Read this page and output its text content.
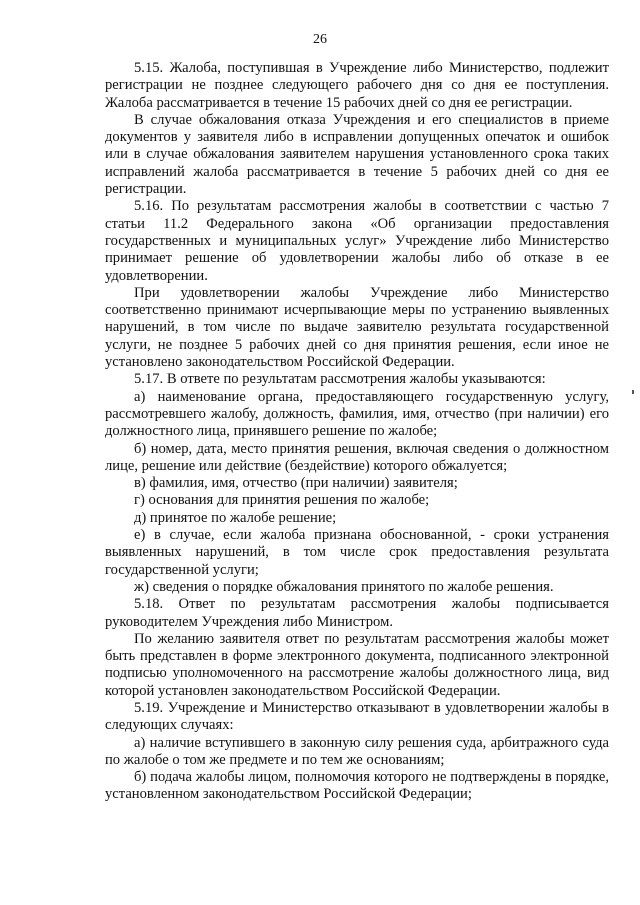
26

5.15. Жалоба, поступившая в Учреждение либо Министерство, подлежит регистрации не позднее следующего рабочего дня со дня ее поступления. Жалоба рассматривается в течение 15 рабочих дней со дня ее регистрации.

В случае обжалования отказа Учреждения и его специалистов в приеме документов у заявителя либо в исправлении допущенных опечаток и ошибок или в случае обжалования заявителем нарушения установленного срока таких исправлений жалоба рассматривается в течение 5 рабочих дней со дня ее регистрации.

5.16. По результатам рассмотрения жалобы в соответствии с частью 7 статьи 11.2 Федерального закона «Об организации предоставления государственных и муниципальных услуг» Учреждение либо Министерство принимает решение об удовлетворении жалобы либо об отказе в ее удовлетворении.

При удовлетворении жалобы Учреждение либо Министерство соответственно принимают исчерпывающие меры по устранению выявленных нарушений, в том числе по выдаче заявителю результата государственной услуги, не позднее 5 рабочих дней со дня принятия решения, если иное не установлено законодательством Российской Федерации.

5.17. В ответе по результатам рассмотрения жалобы указываются:

а) наименование органа, предоставляющего государственную услугу, рассмотревшего жалобу, должность, фамилия, имя, отчество (при наличии) его должностного лица, принявшего решение по жалобе;

б) номер, дата, место принятия решения, включая сведения о должностном лице, решение или действие (бездействие) которого обжалуется;

в) фамилия, имя, отчество (при наличии) заявителя;

г) основания для принятия решения по жалобе;

д) принятое по жалобе решение;

е) в случае, если жалоба признана обоснованной, - сроки устранения выявленных нарушений, в том числе срок предоставления результата государственной услуги;

ж) сведения о порядке обжалования принятого по жалобе решения.

5.18. Ответ по результатам рассмотрения жалобы подписывается руководителем Учреждения либо Министром.

По желанию заявителя ответ по результатам рассмотрения жалобы может быть представлен в форме электронного документа, подписанного электронной подписью уполномоченного на рассмотрение жалобы должностного лица, вид которой установлен законодательством Российской Федерации.

5.19. Учреждение и Министерство отказывают в удовлетворении жалобы в следующих случаях:

а) наличие вступившего в законную силу решения суда, арбитражного суда по жалобе о том же предмете и по тем же основаниям;

б) подача жалобы лицом, полномочия которого не подтверждены в порядке, установленном законодательством Российской Федерации;
